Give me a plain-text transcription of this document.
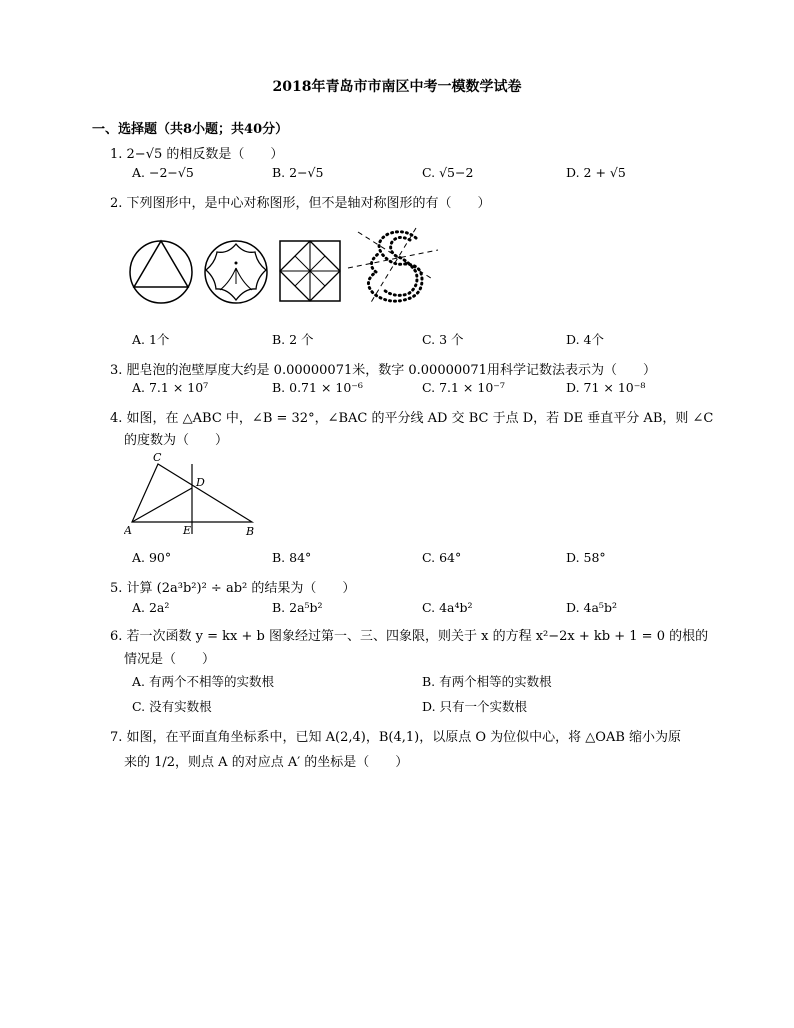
2018年青岛市市南区中考一模数学试卷
一、选择题（共8小题；共40分）
1. 2−√5 的相反数是（　　）
A. −2−√5	B. 2−√5	C. √5−2	D. 2 + √5
2. 下列图形中，是中心对称图形，但不是轴对称图形的有（　　）
A. 1个	B. 2 个	C. 3 个	D. 4个
3. 肥皂泡的泡壁厚度大约是 0.00000071米，数字 0.00000071用科学记数法表示为（　　）
A. 7.1 × 10⁷	B. 0.71 × 10⁻⁶	C. 7.1 × 10⁻⁷	D. 71 × 10⁻⁸
4. 如图，在 △ABC 中，∠B = 32°，∠BAC 的平分线 AD 交 BC 于点 D，若 DE 垂直平分 AB，则 ∠C
的度数为（　　）
C
D
A	E	B
A. 90°	B. 84°	C. 64°	D. 58°
5. 计算 (2a³b²)² ÷ ab² 的结果为（　　）
A. 2a²	B. 2a⁵b²	C. 4a⁴b²	D. 4a⁵b²
6. 若一次函数 y = kx + b 图象经过第一、三、四象限，则关于 x 的方程 x²−2x + kb + 1 = 0 的根的
情况是（　　）
A. 有两个不相等的实数根	B. 有两个相等的实数根
C. 没有实数根	D. 只有一个实数根
7. 如图，在平面直角坐标系中，已知 A(2,4)，B(4,1)，以原点 O 为位似中心，将 △OAB 缩小为原
来的 1/2，则点 A 的对应点 A′ 的坐标是（　　）
